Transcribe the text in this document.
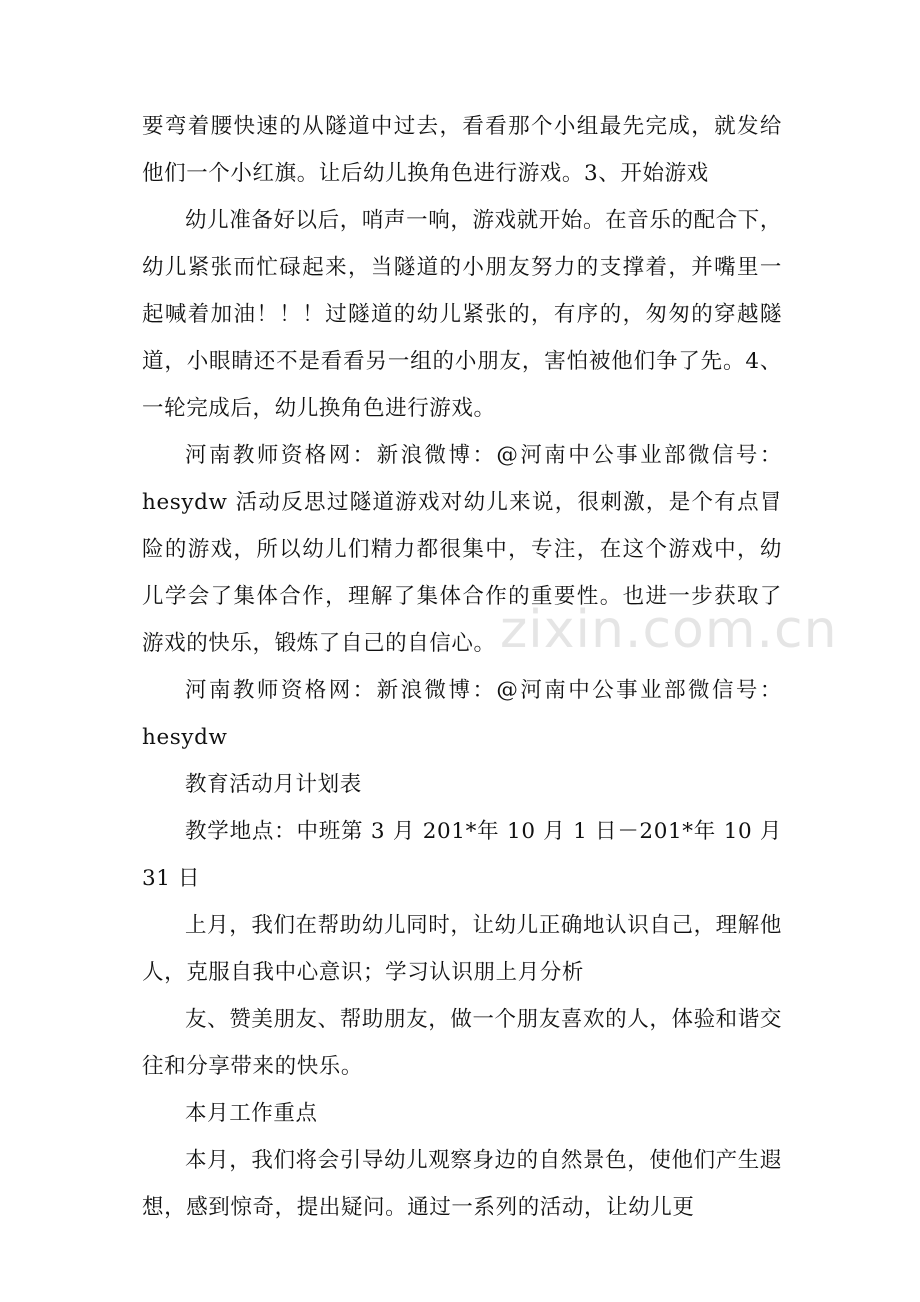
要弯着腰快速的从隧道中过去，看看那个小组最先完成，就发给他们一个小红旗。让后幼儿换角色进行游戏。3、开始游戏

幼儿准备好以后，哨声一响，游戏就开始。在音乐的配合下，幼儿紧张而忙碌起来，当隧道的小朋友努力的支撑着，并嘴里一起喊着加油！！！过隧道的幼儿紧张的，有序的，匆匆的穿越隧道，小眼睛还不是看看另一组的小朋友，害怕被他们争了先。4、一轮完成后，幼儿换角色进行游戏。

河南教师资格网：新浪微博：@河南中公事业部微信号：hesydw 活动反思过隧道游戏对幼儿来说，很刺激，是个有点冒险的游戏，所以幼儿们精力都很集中，专注，在这个游戏中，幼儿学会了集体合作，理解了集体合作的重要性。也进一步获取了游戏的快乐，锻炼了自己的自信心。

河南教师资格网：新浪微博：@河南中公事业部微信号：hesydw

教育活动月计划表

教学地点：中班第 3 月 201*年 10 月 1 日－201*年 10 月 31 日

上月，我们在帮助幼儿同时，让幼儿正确地认识自己，理解他人，克服自我中心意识；学习认识朋上月分析

友、赞美朋友、帮助朋友，做一个朋友喜欢的人，体验和谐交往和分享带来的快乐。

本月工作重点

本月，我们将会引导幼儿观察身边的自然景色，使他们产生遐想，感到惊奇，提出疑问。通过一系列的活动，让幼儿更

zixin.com.cn
